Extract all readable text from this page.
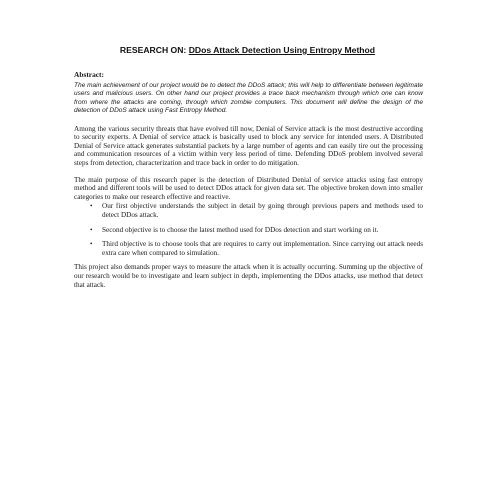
RESEARCH ON: DDos Attack Detection Using Entropy Method
Abstract:

The main achievement of our project would be to detect the DDoS attack; this will help to differentiate between legitimate users and malicious users. On other hand our project provides a trace back mechanism through which one can know from where the attacks are coming, through which zombie computers. This document will define the design of the detection of DDoS attack using Fast Entropy Method.

Among the various security threats that have evolved till now, Denial of Service attack is the most destructive according to security experts. A Denial of service attack is basically used to block any service for intended users. A Distributed Denial of Service attack generates substantial packets by a large number of agents and can easily tire out the processing and communication resources of a victim within very less period of time. Defending DDoS problem involved several steps from detection, characterization and trace back in order to do mitigation.

The main purpose of this research paper is the detection of Distributed Denial of service attacks using fast entropy method and different tools will be used to detect DDos attack for given data set. The objective broken down into smaller categories to make our research effective and reactive.

• Our first objective understands the subject in detail by going through previous papers and methods used to detect DDos attack.
• Second objective is to choose the latest method used for DDos detection and start working on it.
• Third objective is to choose tools that are requires to carry out implementation. Since carrying out attack needs extra care when compared to simulation.

This project also demands proper ways to measure the attack when it is actually occurring. Summing up the objective of our research would be to investigate and learn subject in depth, implementing the DDos attacks, use method that detect that attack.
